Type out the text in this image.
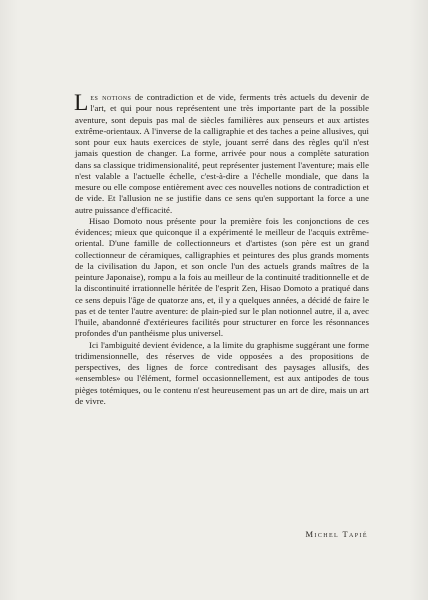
Les notions de contradiction et de vide, ferments très actuels du devenir de l'art, et qui pour nous représentent une très importante part de la possible aventure, sont depuis pas mal de siècles familières aux penseurs et aux artistes extrême-orientaux. A l'inverse de la calligraphie et des taches a peine allusives, qui sont pour eux hauts exercices de style, jouant serré dans des règles qu'il n'est jamais question de changer. La forme, arrivée pour nous a complète saturation dans sa classique tridimensionalité, peut représenter justement l'aventure; mais elle n'est valable a l'actuelle échelle, c'est-à-dire a l'échelle mondiale, que dans la mesure ou elle compose entièrement avec ces nouvelles notions de contradiction et de vide. Et l'allusion ne se justifie dans ce sens qu'en supportant la force a une autre puissance d'efficacité.

Hisao Domoto nous présente pour la première fois les conjonctions de ces évidences; mieux que quiconque il a expérimenté le meilleur de l'acquis extrême-oriental. D'une famille de collectionneurs et d'artistes (son père est un grand collectionneur de céramiques, calligraphies et peintures des plus grands moments de la civilisation du Japon, et son oncle l'un des actuels grands maîtres de la peinture Japonaise), rompu a la fois au meilleur de la continuité traditionnelle et de la discontinuité irrationnelle héritée de l'esprit Zen, Hisao Domoto a pratiqué dans ce sens depuis l'âge de quatorze ans, et, il y a quelques années, a décidé de faire le pas et de tenter l'autre aventure: de plain-pied sur le plan notionnel autre, il a, avec l'huile, abandonné d'extérieures facilités pour structurer en force les résonnances profondes d'un panthéisme plus universel.

Ici l'ambiguité devient évidence, a la limite du graphisme suggérant une forme tridimensionnelle, des réserves de vide opposées a des propositions de perspectives, des lignes de force contredisant des paysages allusifs, des «ensembles» ou l'élément, formel occasionnellement, est aux antipodes de tous pièges totémiques, ou le contenu n'est heureusement pas un art de dire, mais un art de vivre.

Michel Tapié
